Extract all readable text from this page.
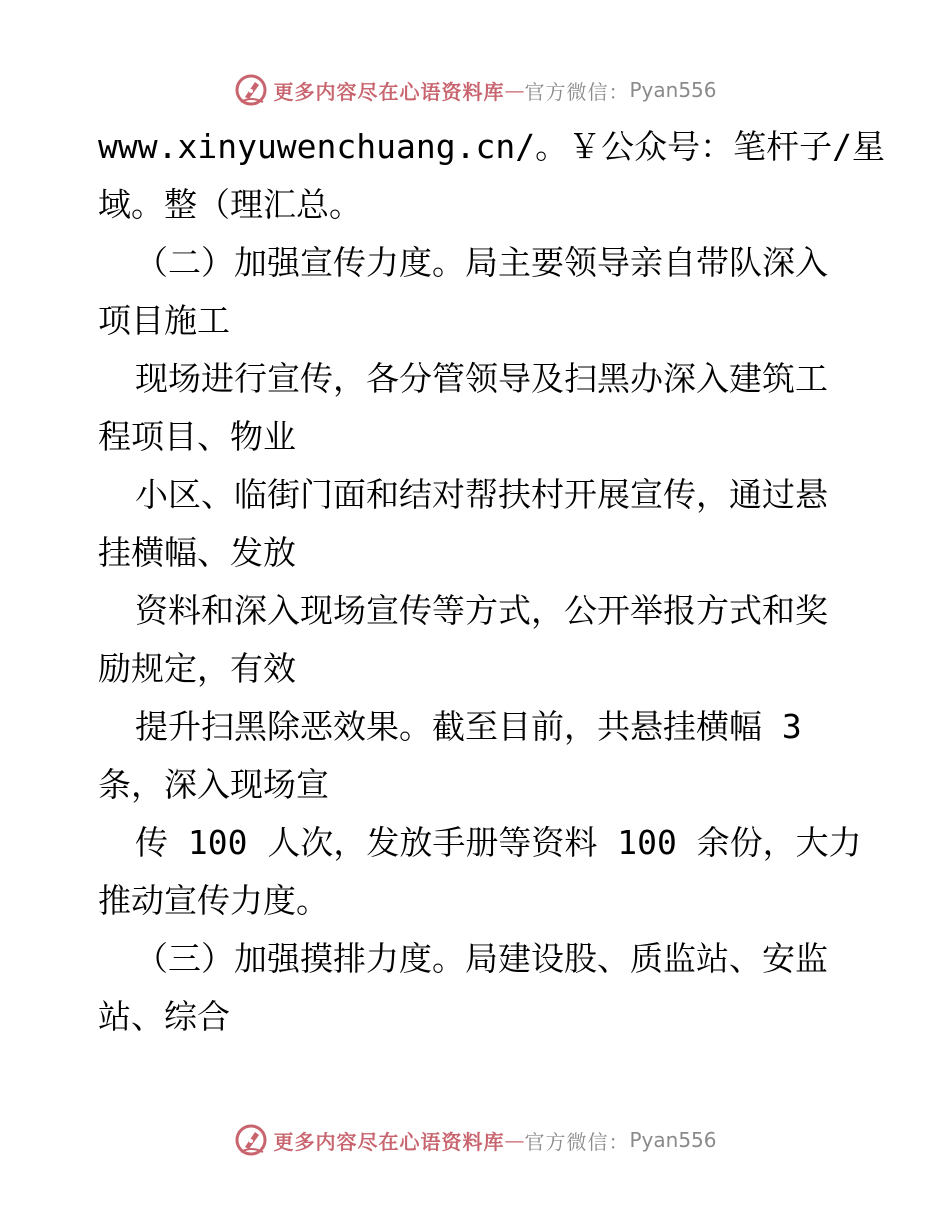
更多内容尽在心语资料库 — 官方微信： Pyan556
www.xinyuwenchuang.cn/。￥公众号：笔杆子/星
域。整（理汇总。
（二）加强宣传力度。局主要领导亲自带队深入
项目施工
现场进行宣传，各分管领导及扫黑办深入建筑工
程项目、物业
小区、临街门面和结对帮扶村开展宣传，通过悬
挂横幅、发放
资料和深入现场宣传等方式，公开举报方式和奖
励规定，有效
提升扫黑除恶效果。截至目前，共悬挂横幅 3
条，深入现场宣
传 100 人次，发放手册等资料 100 余份，大力
推动宣传力度。
（三）加强摸排力度。局建设股、质监站、安监
站、综合
更多内容尽在心语资料库 — 官方微信： Pyan556
